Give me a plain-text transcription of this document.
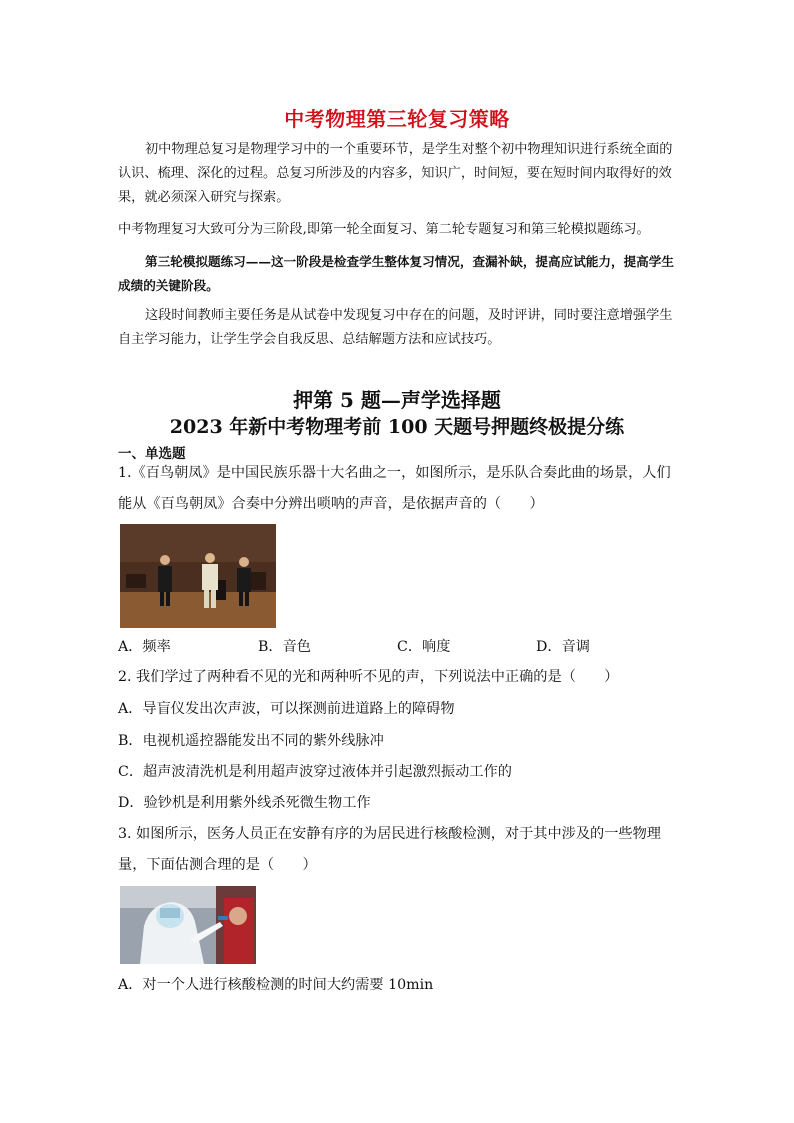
中考物理第三轮复习策略
初中物理总复习是物理学习中的一个重要环节，是学生对整个初中物理知识进行系统全面的认识、梳理、深化的过程。总复习所涉及的内容多，知识广，时间短，要在短时间内取得好的效果，就必须深入研究与探索。
中考物理复习大致可分为三阶段,即第一轮全面复习、第二轮专题复习和第三轮模拟题练习。
第三轮模拟题练习——这一阶段是检查学生整体复习情况，查漏补缺，提高应试能力，提高学生成绩的关键阶段。
这段时间教师主要任务是从试卷中发现复习中存在的问题，及时评讲，同时要注意增强学生自主学习能力，让学生学会自我反思、总结解题方法和应试技巧。
押第 5 题—声学选择题
2023 年新中考物理考前 100 天题号押题终极提分练
一、单选题
1.《百鸟朝凤》是中国民族乐器十大名曲之一，如图所示，是乐队合奏此曲的场景，人们能从《百鸟朝凤》合奏中分辨出唢呐的声音，是依据声音的（　　）
A．频率	B．音色	C．响度	D．音调
2. 我们学过了两种看不见的光和两种听不见的声，下列说法中正确的是（　　）
A．导盲仪发出次声波，可以探测前进道路上的障碍物
B．电视机遥控器能发出不同的紫外线脉冲
C．超声波清洗机是利用超声波穿过液体并引起激烈振动工作的
D．验钞机是利用紫外线杀死微生物工作
3. 如图所示，医务人员正在安静有序的为居民进行核酸检测，对于其中涉及的一些物理量，下面估测合理的是（　　）
A．对一个人进行核酸检测的时间大约需要 10min
